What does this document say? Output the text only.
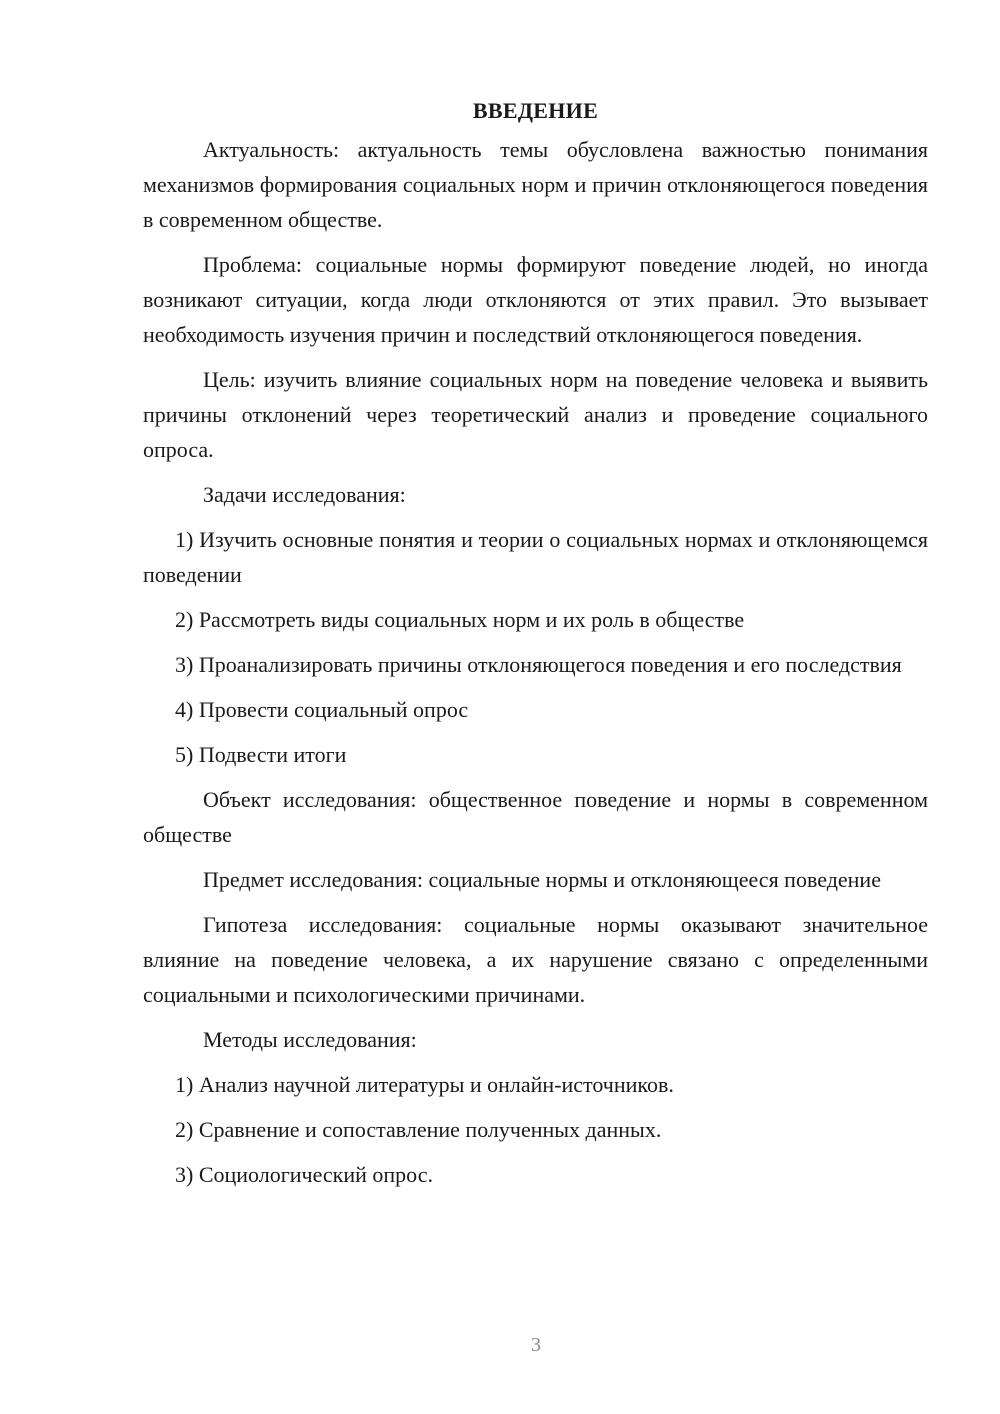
ВВЕДЕНИЕ

Актуальность: актуальность темы обусловлена важностью понимания механизмов формирования социальных норм и причин отклоняющегося поведения в современном обществе.

Проблема: социальные нормы формируют поведение людей, но иногда возникают ситуации, когда люди отклоняются от этих правил. Это вызывает необходимость изучения причин и последствий отклоняющегося поведения.

Цель: изучить влияние социальных норм на поведение человека и выявить причины отклонений через теоретический анализ и проведение социального опроса.

Задачи исследования:

1) Изучить основные понятия и теории о социальных нормах и отклоняющемся поведении

2) Рассмотреть виды социальных норм и их роль в обществе

3) Проанализировать причины отклоняющегося поведения и его последствия

4) Провести социальный опрос

5) Подвести итоги

Объект исследования: общественное поведение и нормы в современном обществе

Предмет исследования: социальные нормы и отклоняющееся поведение

Гипотеза исследования: социальные нормы оказывают значительное влияние на поведение человека, а их нарушение связано с определенными социальными и психологическими причинами.

Методы исследования:

1) Анализ научной литературы и онлайн-источников.

2) Сравнение и сопоставление полученных данных.

3) Социологический опрос.

3
